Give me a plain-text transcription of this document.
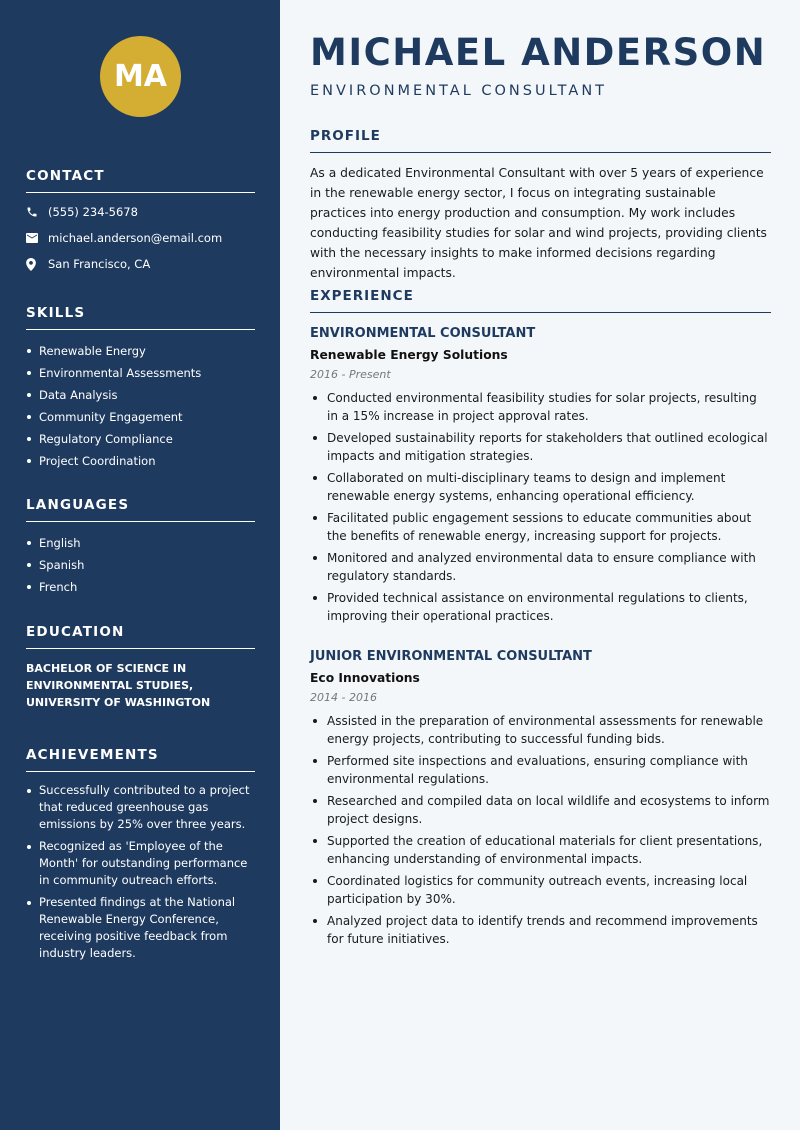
MA
CONTACT
(555) 234-5678
michael.anderson@email.com
San Francisco, CA
SKILLS
Renewable Energy
Environmental Assessments
Data Analysis
Community Engagement
Regulatory Compliance
Project Coordination
LANGUAGES
English
Spanish
French
EDUCATION
BACHELOR OF SCIENCE IN ENVIRONMENTAL STUDIES, UNIVERSITY OF WASHINGTON
ACHIEVEMENTS
Successfully contributed to a project that reduced greenhouse gas emissions by 25% over three years.
Recognized as 'Employee of the Month' for outstanding performance in community outreach efforts.
Presented findings at the National Renewable Energy Conference, receiving positive feedback from industry leaders.
MICHAEL ANDERSON
ENVIRONMENTAL CONSULTANT
PROFILE
As a dedicated Environmental Consultant with over 5 years of experience in the renewable energy sector, I focus on integrating sustainable practices into energy production and consumption. My work includes conducting feasibility studies for solar and wind projects, providing clients with the necessary insights to make informed decisions regarding environmental impacts.
EXPERIENCE
ENVIRONMENTAL CONSULTANT
Renewable Energy Solutions
2016 - Present
Conducted environmental feasibility studies for solar projects, resulting in a 15% increase in project approval rates.
Developed sustainability reports for stakeholders that outlined ecological impacts and mitigation strategies.
Collaborated on multi-disciplinary teams to design and implement renewable energy systems, enhancing operational efficiency.
Facilitated public engagement sessions to educate communities about the benefits of renewable energy, increasing support for projects.
Monitored and analyzed environmental data to ensure compliance with regulatory standards.
Provided technical assistance on environmental regulations to clients, improving their operational practices.
JUNIOR ENVIRONMENTAL CONSULTANT
Eco Innovations
2014 - 2016
Assisted in the preparation of environmental assessments for renewable energy projects, contributing to successful funding bids.
Performed site inspections and evaluations, ensuring compliance with environmental regulations.
Researched and compiled data on local wildlife and ecosystems to inform project designs.
Supported the creation of educational materials for client presentations, enhancing understanding of environmental impacts.
Coordinated logistics for community outreach events, increasing local participation by 30%.
Analyzed project data to identify trends and recommend improvements for future initiatives.
